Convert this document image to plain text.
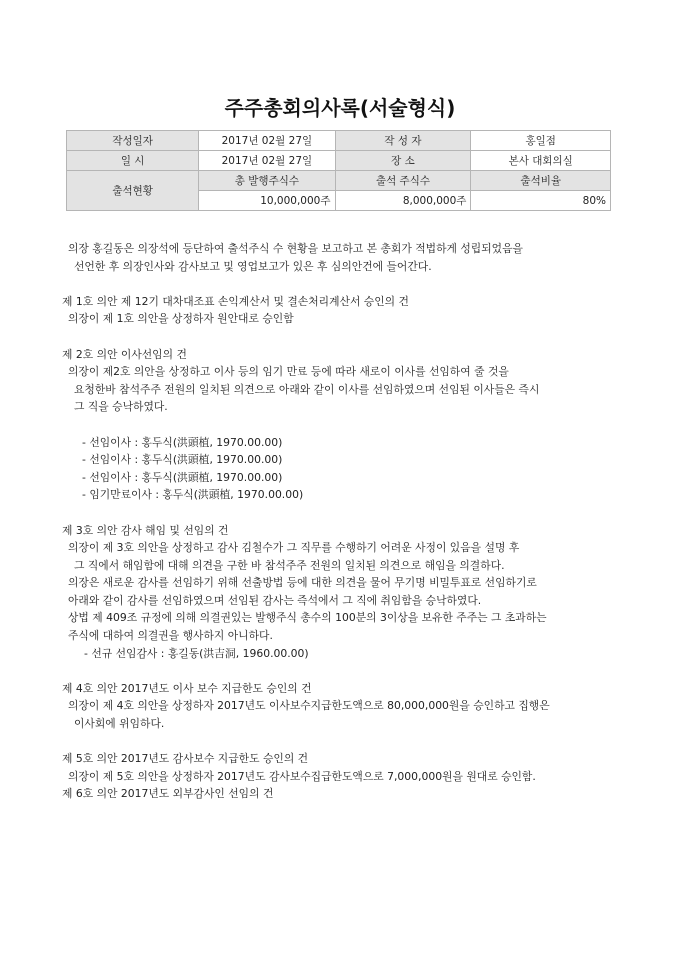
주주총회의사록(서술형식)
작성일자	2017년 02월 27일	작 성 자	홍일점
일 시	2017년 02월 27일	장 소	본사 대회의실
출석현황	총 발행주식수	출석 주식수	출석비율
	10,000,000주	8,000,000주	80%

의장 홍길동은 의장석에 등단하여 출석주식 수 현황을 보고하고 본 총회가 적법하게 성립되었음을

선언한 후 의장인사와 감사보고 및 영업보고가 있은 후 심의안건에 들어간다.

제 1호 의안 제 12기 대차대조표 손익계산서 및 결손처리계산서 승인의 건

의장이 제 1호 의안을 상정하자 원안대로 승인함

제 2호 의안 이사선임의 건

의장이 제2호 의안을 상정하고 이사 등의 임기 만료 등에 따라 새로이 이사를 선임하여 줄 것을

요청한바 참석주주 전원의 일치된 의견으로 아래와 같이 이사를 선임하였으며 선임된 이사들은 즉시

그 직을 승낙하였다.

- 선임이사 : 홍두식(洪頭植, 1970.00.00)

- 선임이사 : 홍두식(洪頭植, 1970.00.00)

- 선임이사 : 홍두식(洪頭植, 1970.00.00)

- 임기만료이사 : 홍두식(洪頭植, 1970.00.00)

제 3호 의안 감사 해임 및 선임의 건

의장이 제 3호 의안을 상정하고 감사 김철수가 그 직무를 수행하기 어려운 사정이 있음을 설명 후

그 직에서 해임함에 대해 의견을 구한 바 참석주주 전원의 일치된 의견으로 해임을 의결하다.

의장은 새로운 감사를 선임하기 위해 선출방법 등에 대한 의견을 물어 무기명 비밀투표로 선임하기로

아래와 같이 감사를 선임하였으며 선임된 감사는 즉석에서 그 직에 취임함을 승낙하였다.

상법 제 409조 규정에 의해 의결권있는 발행주식 총수의 100분의 3이상을 보유한 주주는 그 초과하는

주식에 대하여 의결권을 행사하지 아니하다.

- 선규 선임감사 : 홍길동(洪吉洞, 1960.00.00)

제 4호 의안 2017년도 이사 보수 지급한도 승인의 건

의장이 제 4호 의안을 상정하자 2017년도 이사보수지급한도액으로 80,000,000원을 승인하고 집행은

이사회에 위임하다.

제 5호 의안 2017년도 감사보수 지급한도 승인의 건

의장이 제 5호 의안을 상정하자 2017년도 감사보수집급한도액으로 7,000,000원을 원대로 승인함.

제 6호 의안 2017년도 외부감사인 선임의 건
